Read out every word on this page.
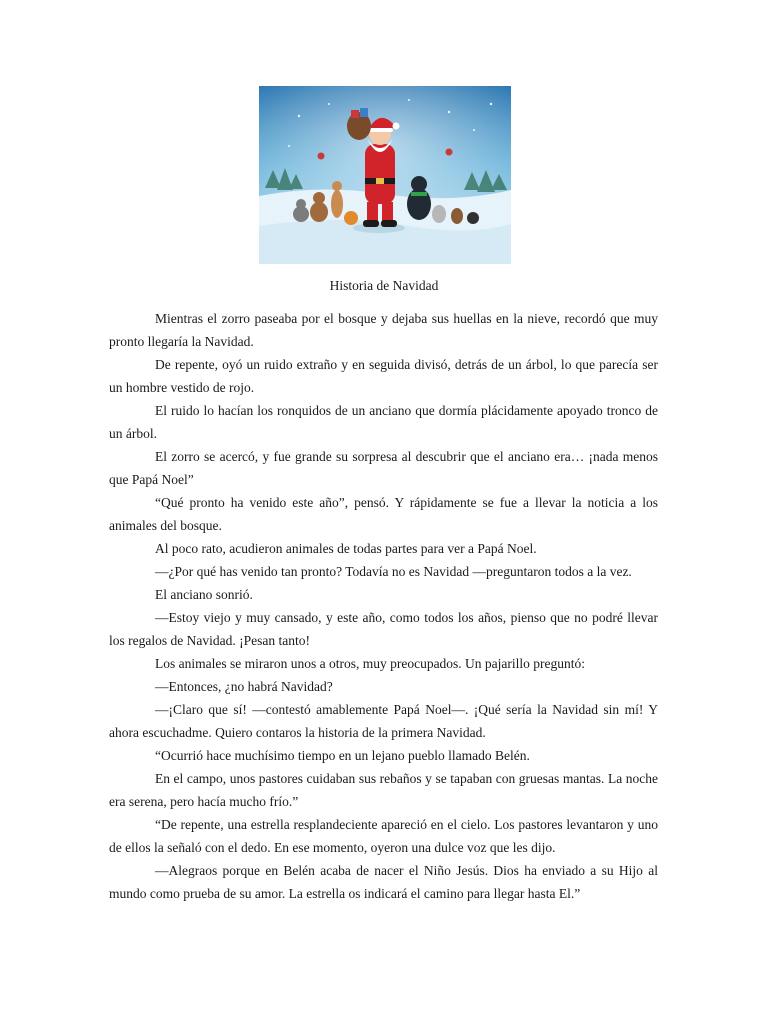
Historia de Navidad

Mientras el zorro paseaba por el bosque y dejaba sus huellas en la nieve, recordó que muy pronto llegaría la Navidad.

De repente, oyó un ruido extraño y en seguida divisó, detrás de un árbol, lo que parecía ser un hombre vestido de rojo.

El ruido lo hacían los ronquidos de un anciano que dormía plácidamente apoyado tronco de un árbol.

El zorro se acercó, y fue grande su sorpresa al descubrir que el anciano era… ¡nada menos que Papá Noel”

“Qué pronto ha venido este año”, pensó. Y rápidamente se fue a llevar la noticia a los animales del bosque.

Al poco rato, acudieron animales de todas partes para ver a Papá Noel.

—¿Por qué has venido tan pronto? Todavía no es Navidad —preguntaron todos a la vez.

El anciano sonrió.

—Estoy viejo y muy cansado, y este año, como todos los años, pienso que no podré llevar los regalos de Navidad. ¡Pesan tanto!

Los animales se miraron unos a otros, muy preocupados. Un pajarillo preguntó:

—Entonces, ¿no habrá Navidad?

—¡Claro que sí! —contestó amablemente Papá Noel—. ¡Qué sería la Navidad sin mí! Y ahora escuchadme. Quiero contaros la historia de la primera Navidad.

“Ocurrió hace muchísimo tiempo en un lejano pueblo llamado Belén.

En el campo, unos pastores cuidaban sus rebaños y se tapaban con gruesas mantas. La noche era serena, pero hacía mucho frío.”

“De repente, una estrella resplandeciente apareció en el cielo. Los pastores levantaron y uno de ellos la señaló con el dedo. En ese momento, oyeron una dulce voz que les dijo.

—Alegraos porque en Belén acaba de nacer el Niño Jesús. Dios ha enviado a su Hijo al mundo como prueba de su amor. La estrella os indicará el camino para llegar hasta El.”
